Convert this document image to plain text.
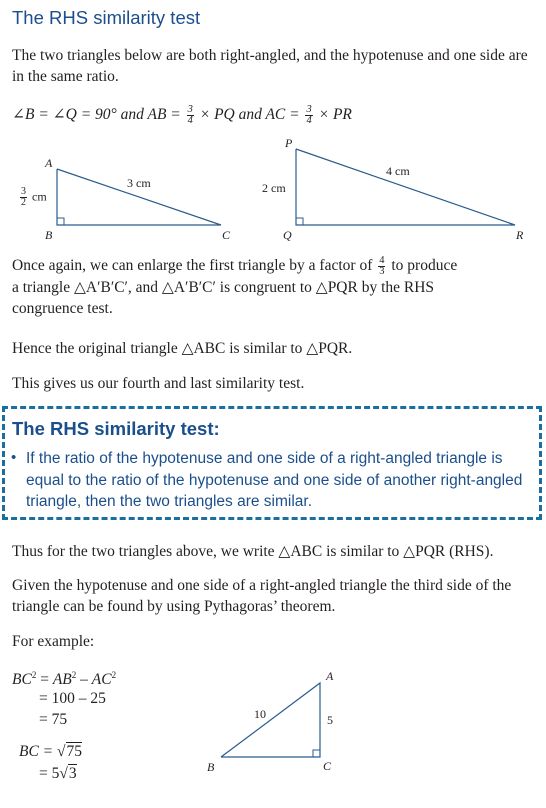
The RHS similarity test
The two triangles below are both right-angled, and the hypotenuse and one side are in the same ratio.
∠B = ∠Q = 90° and AB = $\frac{3}{4}$ × PQ and AC = $\frac{3}{4}$ × PR
A
B	C
3 cm
$\frac{3}{2}$ cm
P
Q	R
4 cm
2 cm
Once again, we can enlarge the first triangle by a factor of $\frac{4}{3}$ to produce
a triangle △A′B′C′, and △A′B′C′ is congruent to △PQR by the RHS
congruence test.
Hence the original triangle △ABC is similar to △PQR.
This gives us our fourth and last similarity test.
The RHS similarity test:
• If the ratio of the hypotenuse and one side of a right-angled triangle is equal to the ratio of the hypotenuse and one side of another right-angled triangle, then the two triangles are similar.
Thus for the two triangles above, we write △ABC is similar to △PQR (RHS).
Given the hypotenuse and one side of a right-angled triangle the third side of the triangle can be found by using Pythagoras’ theorem.
For example:
$BC^2 = AB^2 - AC^2$
= 100 – 25
= 75
BC = √75
= 5√3
A
B	C
10	5
